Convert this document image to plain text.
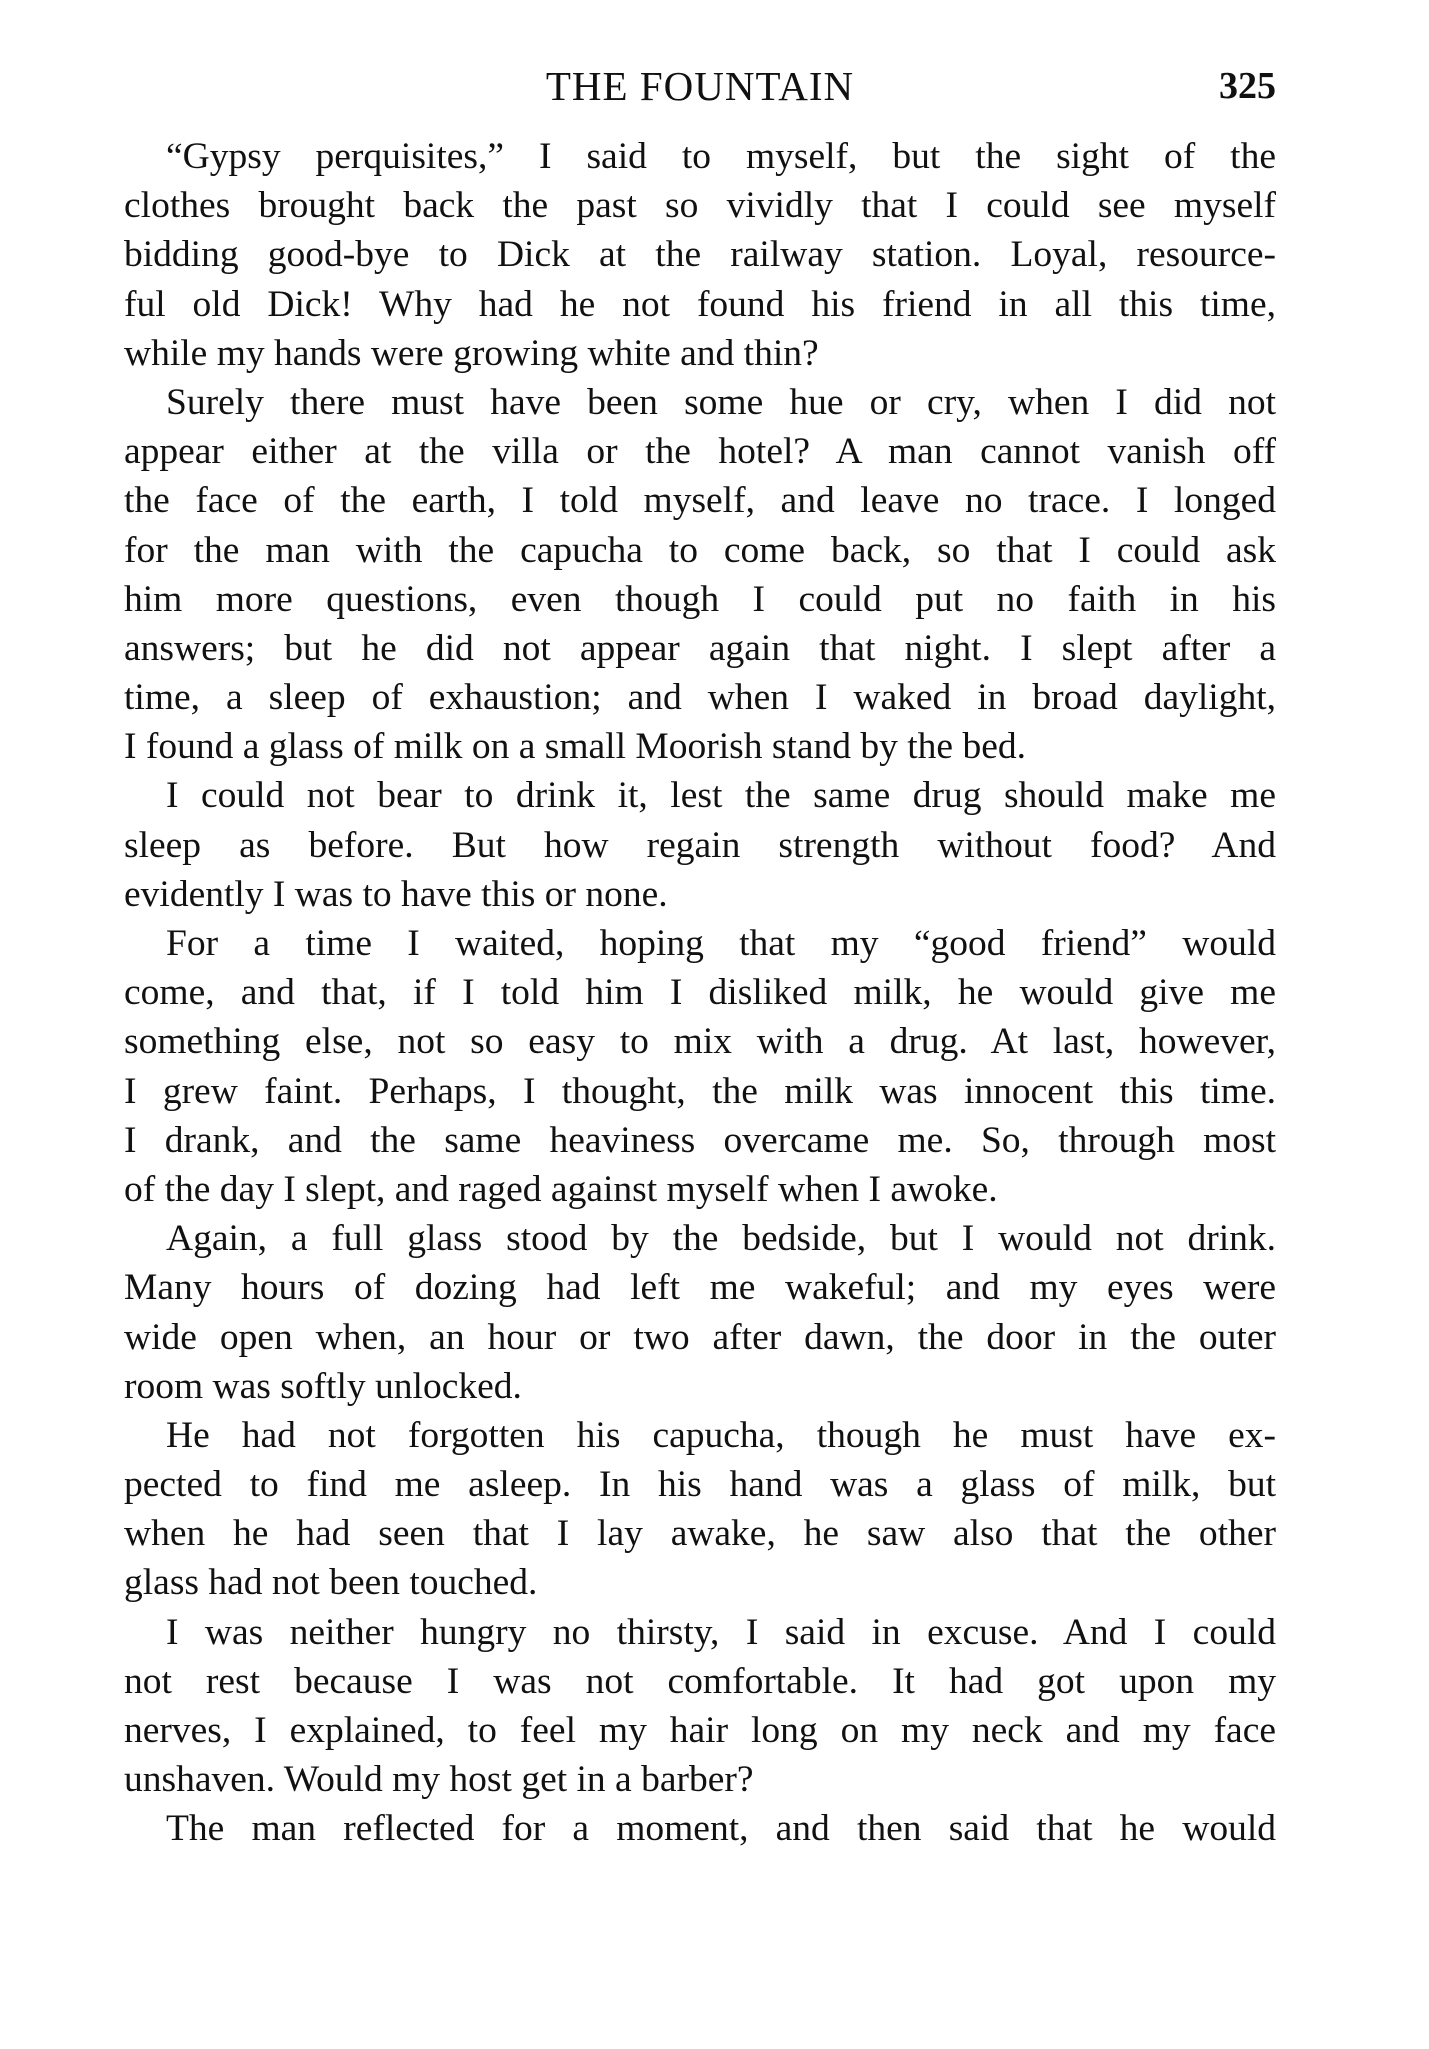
THE FOUNTAIN	325
“Gypsy perquisites,” I said to myself, but the sight of the
clothes brought back the past so vividly that I could see myself
bidding good-bye to Dick at the railway station. Loyal, resource-
ful old Dick! Why had he not found his friend in all this time,
while my hands were growing white and thin?
Surely there must have been some hue or cry, when I did not
appear either at the villa or the hotel? A man cannot vanish off
the face of the earth, I told myself, and leave no trace. I longed
for the man with the capucha to come back, so that I could ask
him more questions, even though I could put no faith in his
answers; but he did not appear again that night. I slept after a
time, a sleep of exhaustion; and when I waked in broad daylight,
I found a glass of milk on a small Moorish stand by the bed.
I could not bear to drink it, lest the same drug should make me
sleep as before. But how regain strength without food? And
evidently I was to have this or none.
For a time I waited, hoping that my “good friend” would
come, and that, if I told him I disliked milk, he would give me
something else, not so easy to mix with a drug. At last, however,
I grew faint. Perhaps, I thought, the milk was innocent this time.
I drank, and the same heaviness overcame me. So, through most
of the day I slept, and raged against myself when I awoke.
Again, a full glass stood by the bedside, but I would not drink.
Many hours of dozing had left me wakeful; and my eyes were
wide open when, an hour or two after dawn, the door in the outer
room was softly unlocked.
He had not forgotten his capucha, though he must have ex-
pected to find me asleep. In his hand was a glass of milk, but
when he had seen that I lay awake, he saw also that the other
glass had not been touched.
I was neither hungry no thirsty, I said in excuse. And I could
not rest because I was not comfortable. It had got upon my
nerves, I explained, to feel my hair long on my neck and my face
unshaven. Would my host get in a barber?
The man reflected for a moment, and then said that he would
